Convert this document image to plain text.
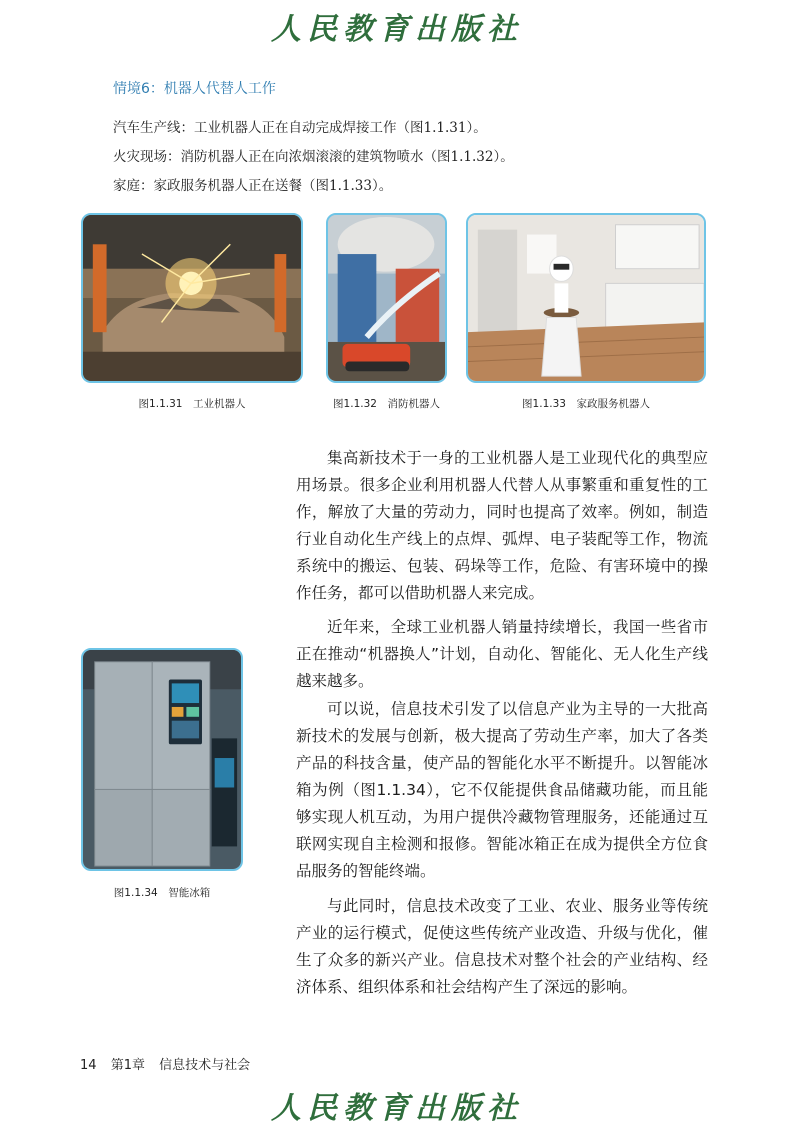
人民教育出版社
情境6：机器人代替人工作
汽车生产线：工业机器人正在自动完成焊接工作（图1.1.31）。
火灾现场：消防机器人正在向浓烟滚滚的建筑物喷水（图1.1.32）。
家庭：家政服务机器人正在送餐（图1.1.33）。
图1.1.31　工业机器人	图1.1.32　消防机器人	图1.1.33　家政服务机器人

集高新技术于一身的工业机器人是工业现代化的典型应用场景。很多企业利用机器人代替人从事繁重和重复性的工作，解放了大量的劳动力，同时也提高了效率。例如，制造行业自动化生产线上的点焊、弧焊、电子装配等工作，物流系统中的搬运、包装、码垛等工作，危险、有害环境中的操作任务，都可以借助机器人来完成。

近年来，全球工业机器人销量持续增长，我国一些省市正在推动“机器换人”计划，自动化、智能化、无人化生产线越来越多。

可以说，信息技术引发了以信息产业为主导的一大批高新技术的发展与创新，极大提高了劳动生产率，加大了各类产品的科技含量，使产品的智能化水平不断提升。以智能冰箱为例（图1.1.34），它不仅能提供食品储藏功能，而且能够实现人机互动，为用户提供冷藏物管理服务，还能通过互联网实现自主检测和报修。智能冰箱正在成为提供全方位食品服务的智能终端。

与此同时，信息技术改变了工业、农业、服务业等传统产业的运行模式，促使这些传统产业改造、升级与优化，催生了众多的新兴产业。信息技术对整个社会的产业结构、经济体系、组织体系和社会结构产生了深远的影响。

图1.1.34　智能冰箱
14 第1章 信息技术与社会
人民教育出版社
